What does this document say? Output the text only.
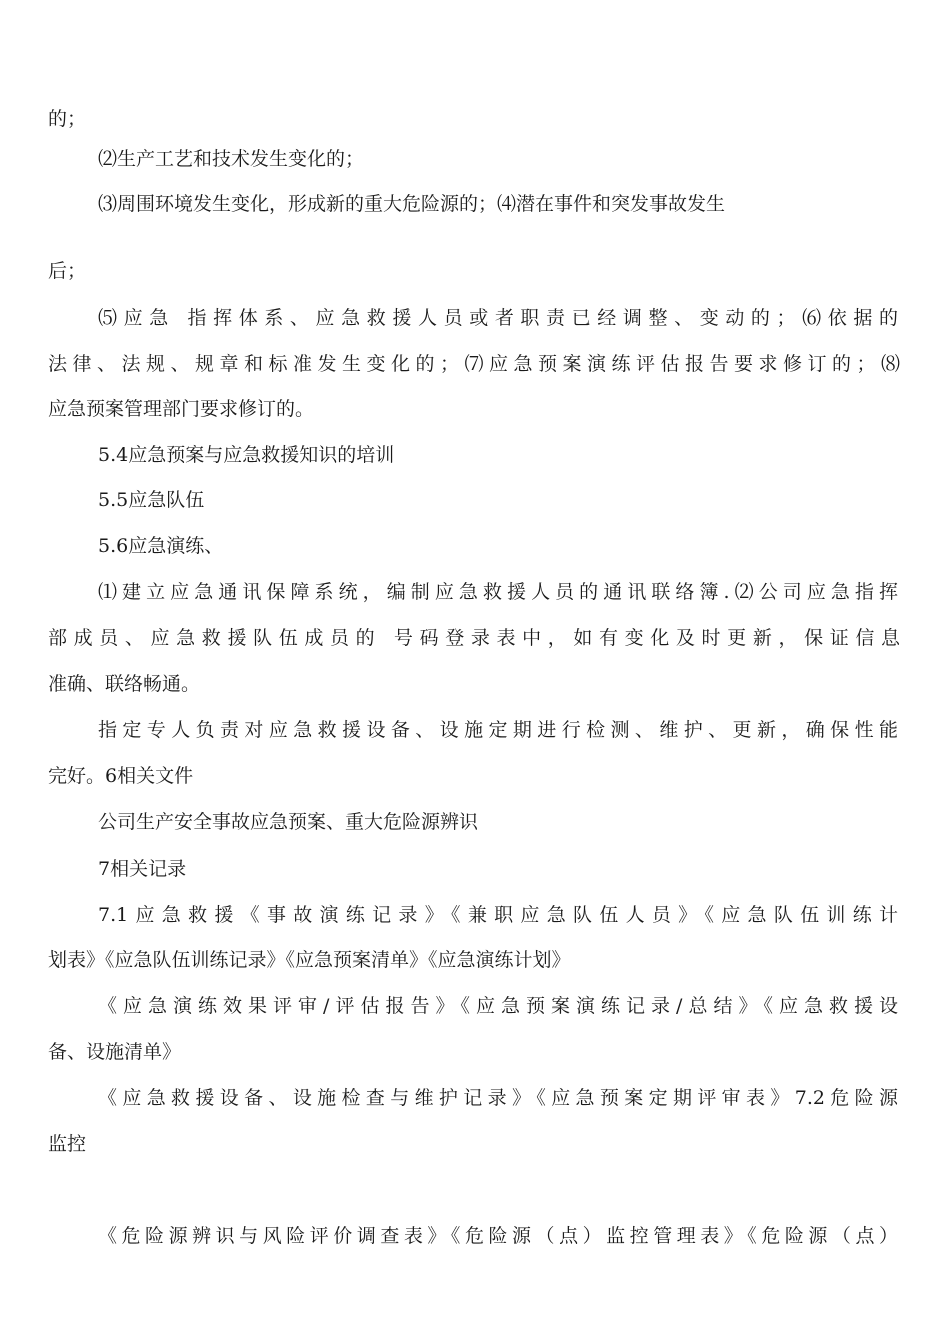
的；
⑵生产工艺和技术发生变化的；
⑶周围环境发生变化，形成新的重大危险源的；⑷潜在事件和突发事故发生
后；
⑸应急 指挥体系、应急救援人员或者职责已经调整、变动的；⑹依据的
法律、法规、规章和标准发生变化的；⑺应急预案演练评估报告要求修订的；⑻
应急预案管理部门要求修订的。
5.4应急预案与应急救援知识的培训
5.5应急队伍
5.6应急演练、
⑴建立应急通讯保障系统，编制应急救援人员的通讯联络簿.⑵公司应急指挥
部成员、应急救援队伍成员的 号码登录表中，如有变化及时更新，保证信息
准确、联络畅通。
指定专人负责对应急救援设备、设施定期进行检测、维护、更新，确保性能
完好。6相关文件
公司生产安全事故应急预案、重大危险源辨识
7相关记录
7.1应急救援《事故演练记录》《兼职应急队伍人员》《应急队伍训练计
划表》《应急队伍训练记录》《应急预案清单》《应急演练计划》
《应急演练效果评审/评估报告》《应急预案演练记录/总结》《应急救援设
备、设施清单》
《应急救援设备、设施检查与维护记录》《应急预案定期评审表》7.2危险源
监控
《危险源辨识与风险评价调查表》《危险源（点）监控管理表》《危险源（点）
